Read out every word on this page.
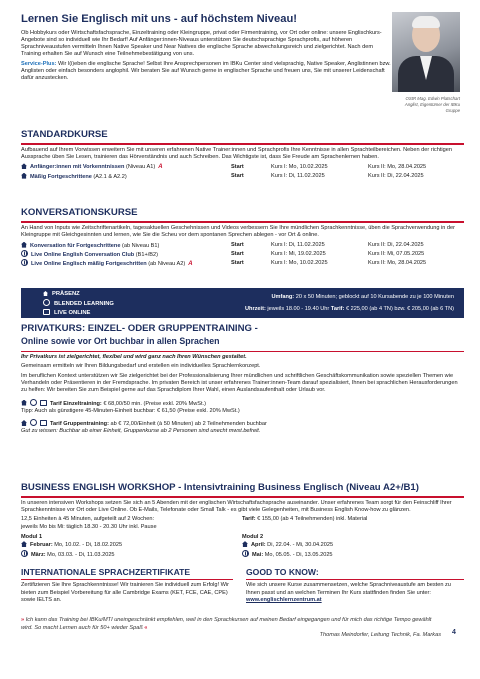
Lernen Sie Englisch mit uns - auf höchstem Niveau!

Ob Hobbykurs oder Wirtschaftsfachsprache, Einzeltraining oder Kleingruppe, privat oder Firmentraining, vor Ort oder online: unsere Englischkurs-Angebote sind so individuell wie Ihr Bedarf! Auf Anfänger:innen-Niveaus unterstützen Sie deutschsprachige Sprachprofis, auf höheren Sprachniveaustufen vermitteln Ihnen Native Speaker und Near Natives die englische Sprache abwechslungsreich und zielgerichtet. Nach dem Training erhalten Sie auf Wunsch eine Teilnehmebestätigung von uns.

Service-Plus: Wir l(i)eben die englische Sprache! Selbst Ihre Ansprechpersonen im IBKu Center sind vielsprachig, Native Speaker, Anglistinnen bzw. Anglisten oder einfach besonders anglophil. Wir beraten Sie auf Wunsch gerne in englischer Sprache und freuen uns, Sie mit unserer Leidenschaft dafür anzustecken.

OStR Mag. Edwin Platschart
Anglist, Eigentümer der IBKu Gruppe
STANDARDKURSE

Aufbauend auf Ihrem Vorwissen erweitern Sie mit unseren erfahrenen Native Trainer:innen und Sprachprofis Ihre Kenntnisse in allen Sprachteilbereichen. Neben der richtigen Aussprache üben Sie Lesen, trainieren das Hörverständnis und auch Schreiben. Das Wichtigste ist, dass Sie Freude am Sprachenlernen haben.

Anfänger:innen mit Vorkenntnissen (Niveau A1) A	Start	Kurs I: Mo, 10.02.2025	Kurs II: Mo, 28.04.2025
Mäßig Fortgeschrittene (A2.1 & A2.2)	Start	Kurs I: Di, 11.02.2025	Kurs II: Di, 22.04.2025
KONVERSATIONSKURSE

An Hand von Inputs wie Zeitschriftenartikeln, tagesaktuellen Geschehnissen und Videos verbessern Sie Ihre mündlichen Sprachkenntnisse, üben die Sprachverwendung in der Kleingruppe mit Gleichgesinnten und lernen, wie Sie die Scheu vor dem spontanen Sprechen ablegen - vor Ort & online.

Konversation für Fortgeschrittene (ab Niveau B1)	Start	Kurs I: Di, 11.02.2025	Kurs II: Di, 22.04.2025
Live Online English Conversation Club (B1+/B2)	Start	Kurs I: Mi, 19.02.2025	Kurs II: Mi, 07.05.2025
Live Online Englisch mäßig Fortgeschritten (ab Niveau A2) A	Start	Kurs I: Mo, 10.02.2025	Kurs II: Mo, 28.04.2025
PRÄSENZ
BLENDED LEARNING
LIVE ONLINE
Umfang: 20 x 50 Minuten; geblockt auf 10 Kursabende zu je 100 Minuten
Uhrzeit: jeweils 18.00 - 19.40 Uhr Tarif: € 225,00 (ab 4 TN) bzw. € 205,00 (ab 6 TN)
PRIVATKURS: EINZEL- ODER GRUPPENTRAINING -
Online sowie vor Ort buchbar in allen Sprachen

Ihr Privatkurs ist zielgerichtet, flexibel und wird ganz nach Ihren Wünschen gestaltet.

Gemeinsam ermitteln wir Ihren Bildungsbedarf und erstellen ein individuelles Sprachlernkonzept.

Im beruflichen Kontext unterstützen wir Sie zielgerichtet bei der Professionalisierung Ihrer mündlichen und schriftlichen Geschäftskommunikation sowie speziellen Themen wie Verhandeln oder Präsentieren in der Fremdsprache. Im privaten Bereich ist unser erfahrenes Trainer:innen-Team darauf spezialisiert, Ihnen bei sprachlichen Herausforderungen zu helfen: Wir bereiten Sie zum Beispiel gerne auf das Sprachdiplom Ihrer Wahl, einen Auslandsaufenthalt oder Urlaub vor.

Tarif Einzeltraining: € 68,00/50 min. (Preise exkl. 20% MwSt.)

Tipp: Auch als günstigere 45-Minuten-Einheit buchbar: € 61,50 (Preise exkl. 20% MwSt.)

Tarif Gruppentraining: ab € 72,00/Einheit (à 50 Minuten) ab 2 Teilnehmenden buchbar

Gut zu wissen: Buchbar ab einer Einheit, Gruppenkurse ab 2 Personen sind unecht mwst.befreit.

BUSINESS ENGLISH WORKSHOP - Intensivtraining Business Englisch (Niveau A2+/B1)

In unseren intensiven Workshops setzen Sie sich an 5 Abenden mit der englischen Wirtschaftsfachsprache auseinander. Unser erfahrenes Team sorgt für den Feinschliff Ihrer Sprachkenntnisse vor Ort oder Live Online. Ob E-Mails, Telefonate oder Small Talk - es gibt viele Gelegenheiten, mit Business English Know-how zu glänzen.

12,5 Einheiten à 45 Minuten, aufgeteilt auf 2 Wochen:
jeweils Mo bis Mi: täglich 18.30 - 20.30 Uhr inkl. Pause
Tarif: € 155,00 (ab 4 Teilnehmenden) inkl. Material
Modul 1
Februar: Mo, 10.02. - Di, 18.02.2025
März: Mo, 03.03. - Di, 11.03.2025
Modul 2
April: Di, 22.04. - Mi, 30.04.2025
Mai: Mo, 05.05. - Di, 13.05.2025
INTERNATIONALE SPRACHZERTIFIKATE
Zertifizieren Sie Ihre Sprachkenntnisse! Wir trainieren Sie individuell zum Erfolg! Wir bieten zum Beispiel Vorbereitung für alle Cambridge Exams (KET, FCE, CAE, CPE) sowie IELTS an.
GOOD TO KNOW:
Wie sich unsere Kurse zusammensetzen, welche Sprachniveaustufe am besten zu Ihnen passt und an welchen Terminen Ihr Kurs stattfinden finden Sie unter: www.englischlernzentrum.at
» Ich kann das Training bei IBKu/MTI uneingeschränkt empfehlen, weil in den Sprachkursen auf meinen Bedarf eingegangen und für mich das richtige Tempo gewählt wird. So macht Lernen auch für 50+ wieder Spaß «
Thomas Meindorfer, Leitung Technik, Fa. Markas 4
